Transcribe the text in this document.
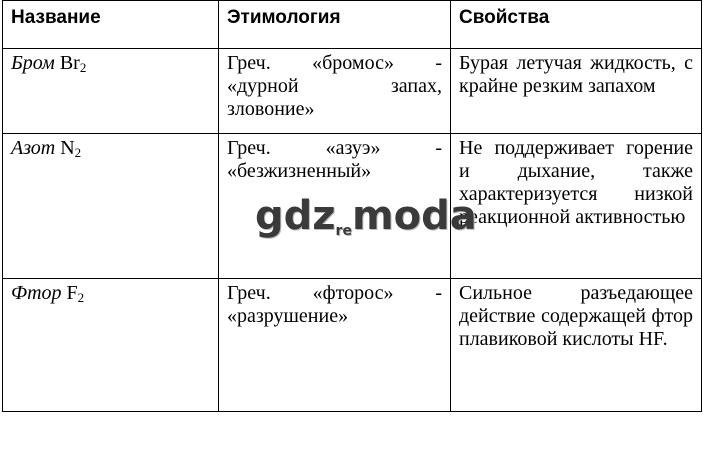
Название	Этимология	Свойства
Бром $Br_2$	Греч. «бромос» - «дурной запах, зловоние»	Бурая летучая жидкость, с крайне резким запахом
Азот $N_2$	Греч. «азуэ» - «безжизненный»	Не поддерживает горение и дыхание, также характеризуется низкой реакционной активностью
Фтор $F_2$	Греч. «фторос» - «разрушение»	Сильное разъедающее действие содержащей фтор плавиковой кислоты HF.
gdzremoda
